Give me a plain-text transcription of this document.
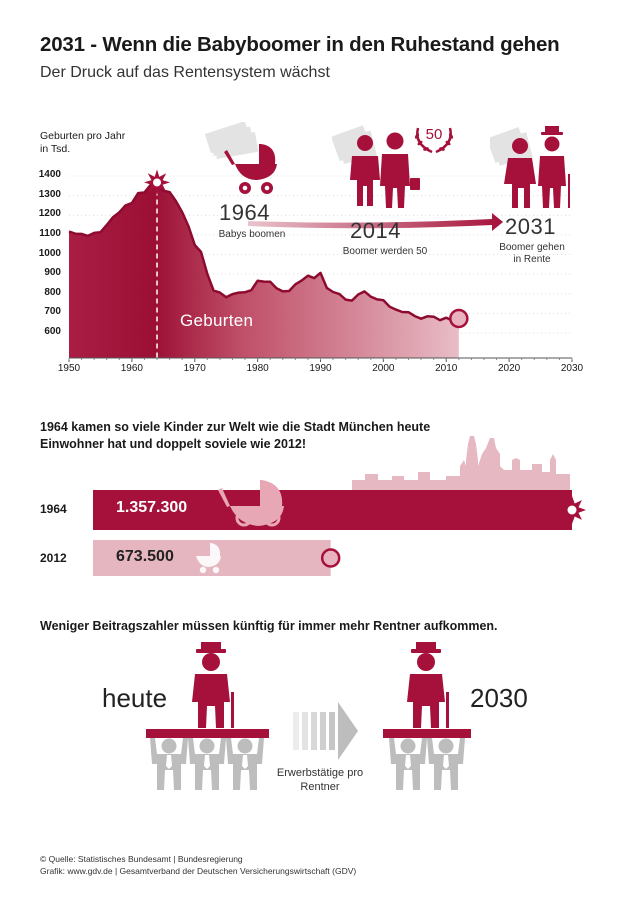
2031 - Wenn die Babyboomer in den Ruhestand gehen
Der Druck auf das Rentensystem wächst
Geburten pro Jahr in Tsd.
1400
1300
1200
1100
1000
900
800
700
600
1950	1960	1970	1980	1990	2000	2010	2020	2030
Geburten
50
1964
Babys boomen	2014
Boomer werden 50
2031
Boomer gehen in Rente
1964 kamen so viele Kinder zur Welt wie die Stadt München heute Einwohner hat und doppelt soviele wie 2012!
1964
2012
1.357.300
673.500
Weniger Beitragszahler müssen künftig für immer mehr Rentner aufkommen.
heute	2030
Erwerbstätige pro Rentner
© Quelle: Statistisches Bundesamt | Bundesregierung
Grafik: www.gdv.de | Gesamtverband der Deutschen Versicherungswirtschaft (GDV)
